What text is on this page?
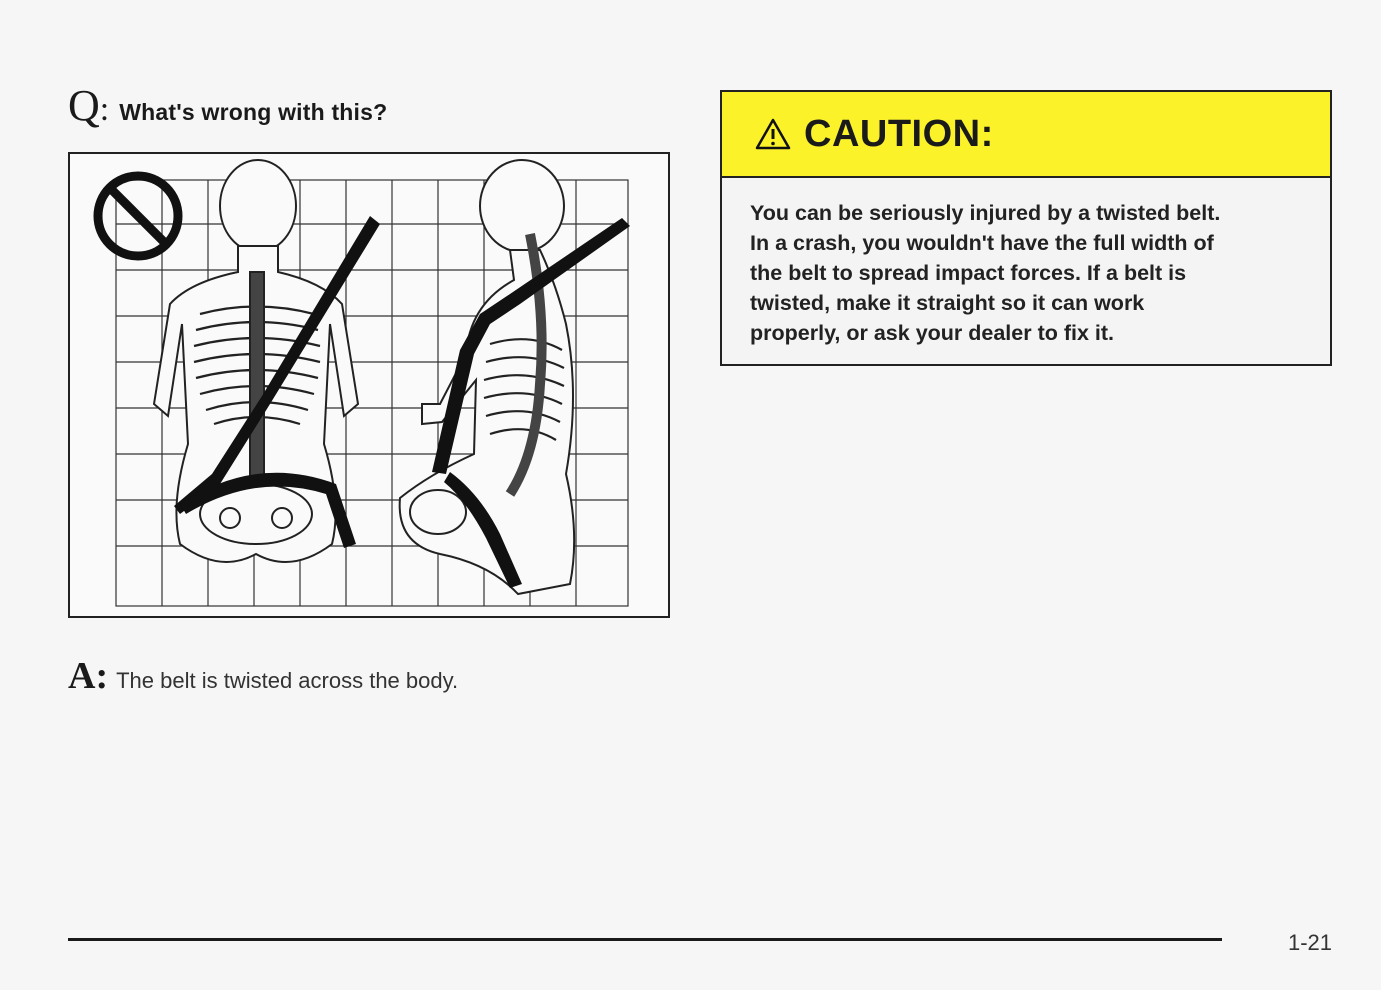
Q : What's wrong with this?
A: The belt is twisted across the body.
CAUTION:
You can be seriously injured by a twisted belt.
In a crash, you wouldn't have the full width of
the belt to spread impact forces. If a belt is
twisted, make it straight so it can work
properly, or ask your dealer to fix it.
1-21
